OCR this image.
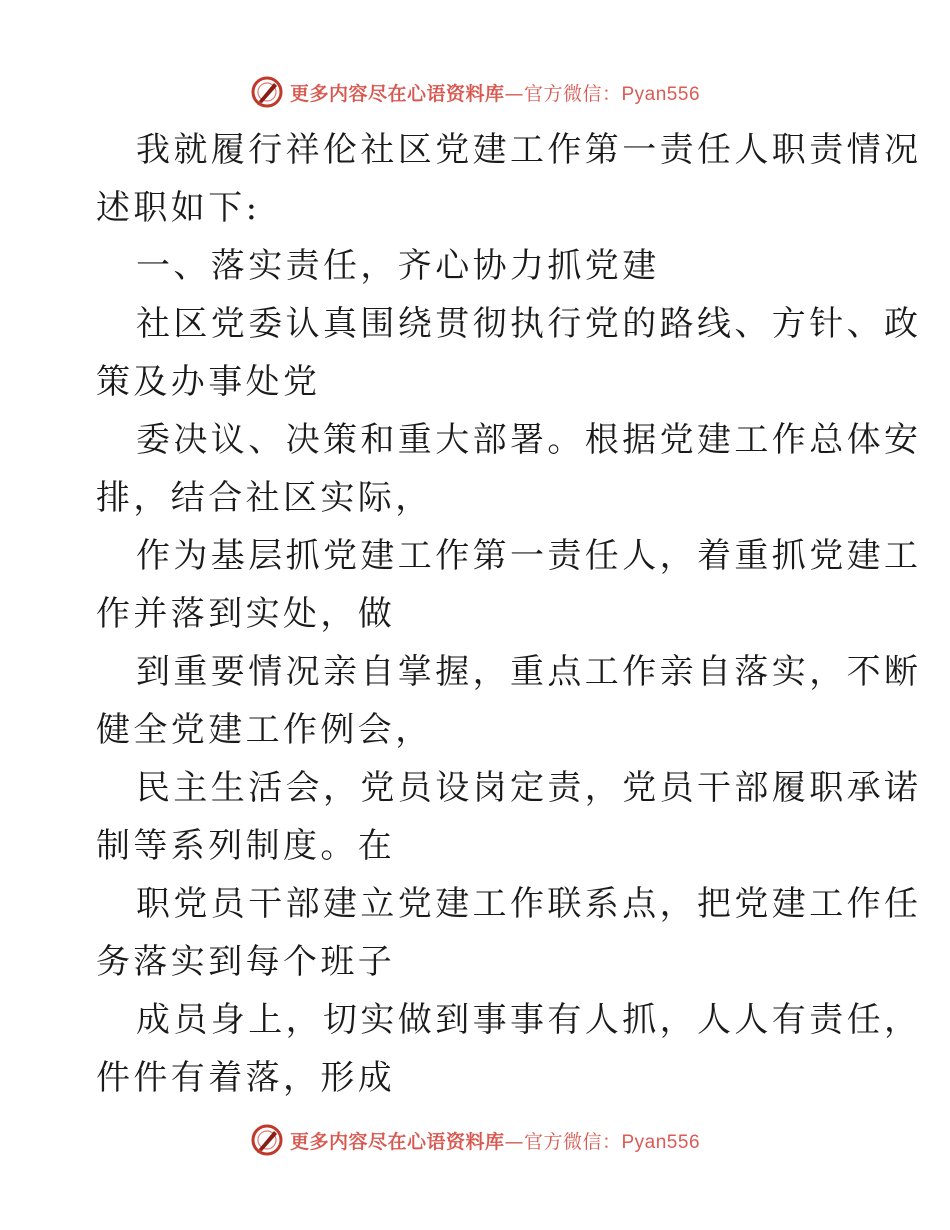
更多内容尽在心语资料库—官方微信：Pyan556
我就履行祥伦社区党建工作第一责任人职责情况
述职如下:
一、落实责任，齐心协力抓党建
社区党委认真围绕贯彻执行党的路线、方针、政
策及办事处党
委决议、决策和重大部署。根据党建工作总体安
排，结合社区实际，
作为基层抓党建工作第一责任人，着重抓党建工
作并落到实处，做
到重要情况亲自掌握，重点工作亲自落实，不断
健全党建工作例会，
民主生活会，党员设岗定责，党员干部履职承诺
制等系列制度。在
职党员干部建立党建工作联系点，把党建工作任
务落实到每个班子
成员身上，切实做到事事有人抓，人人有责任，
件件有着落，形成
更多内容尽在心语资料库—官方微信：Pyan556
